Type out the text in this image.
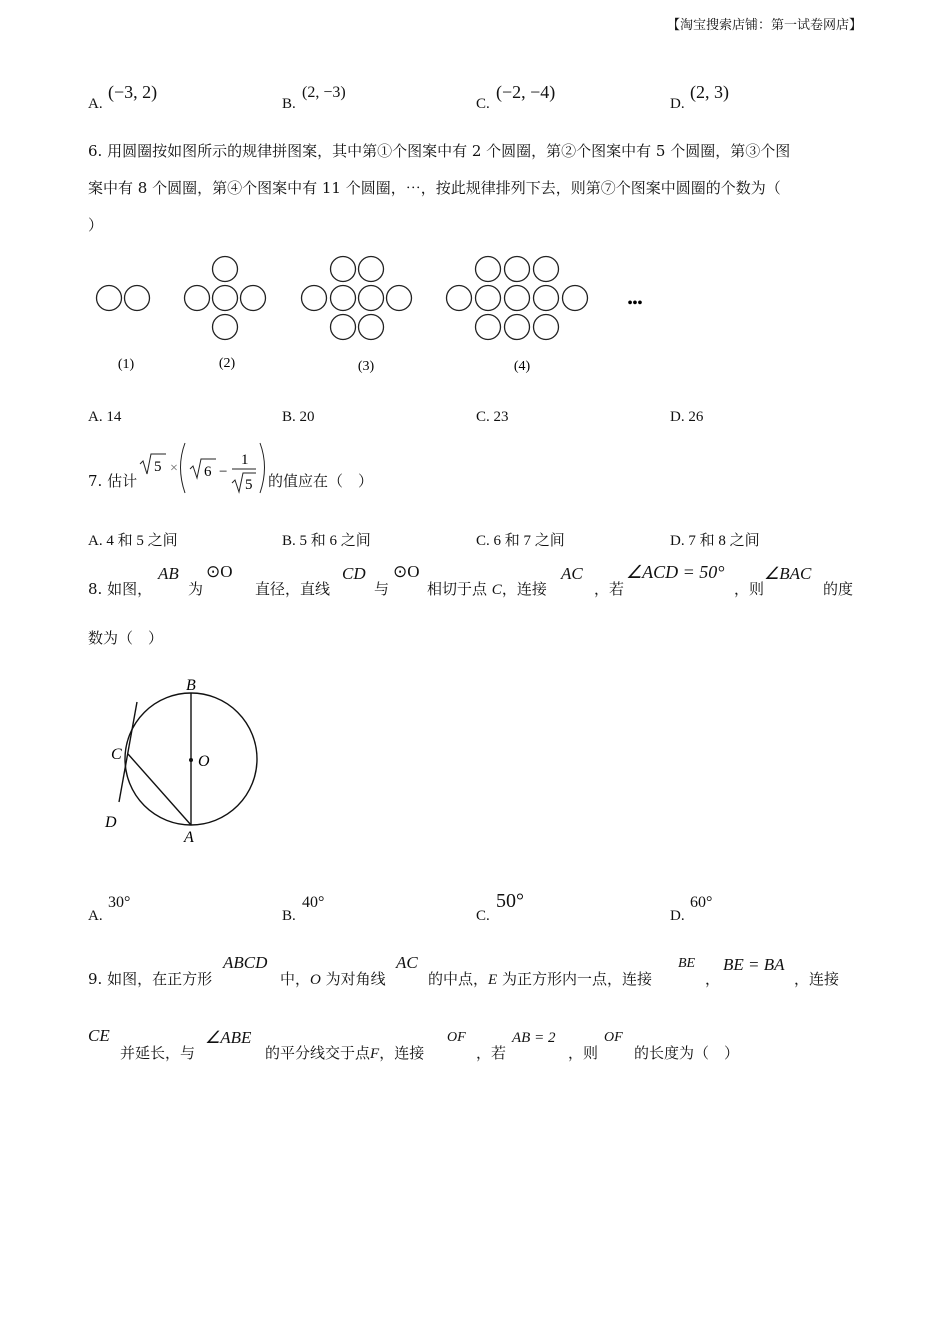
【淘宝搜索店铺：第一试卷网店】
A.
(−3, 2)
B.
(2, −3)
C.
(−2, −4)
D.
(2, 3)
6. 用圆圈按如图所示的规律拼图案，其中第①个图案中有 2 个圆圈，第②个图案中有 5 个圆圈，第③个图
案中有 8 个圆圈，第④个图案中有 11 个圆圈，⋯，按此规律排列下去，则第⑦个图案中圆圈的个数为（
）
(1)	(2)	(3)	(4)
•••
A. 14	B. 20	C. 23	D. 26
7. 估计
5 × 6 −
1
5 的值应在（　）
A. 4 和 5 之间	B. 5 和 6 之间	C. 6 和 7 之间	D. 7 和 8 之间
8. 如图，
AB
为
⊙O
直径，直线
CD
与
⊙O
相切于点 C，连接
AC
，若
∠ACD = 50°
，则
∠BAC
的度
数为（　）
B
O
C
D
A
A.
30°
B.
40°
C.
50°
D.
60°
9. 如图，在正方形
ABCD
中，O 为对角线
AC
的中点，E 为正方形内一点，连接
BE
，
BE = BA
，连接
CE
并延长，与
∠ABE
的平分线交于点F，连接
OF
，若
AB = 2
，则
OF
的长度为（　）
